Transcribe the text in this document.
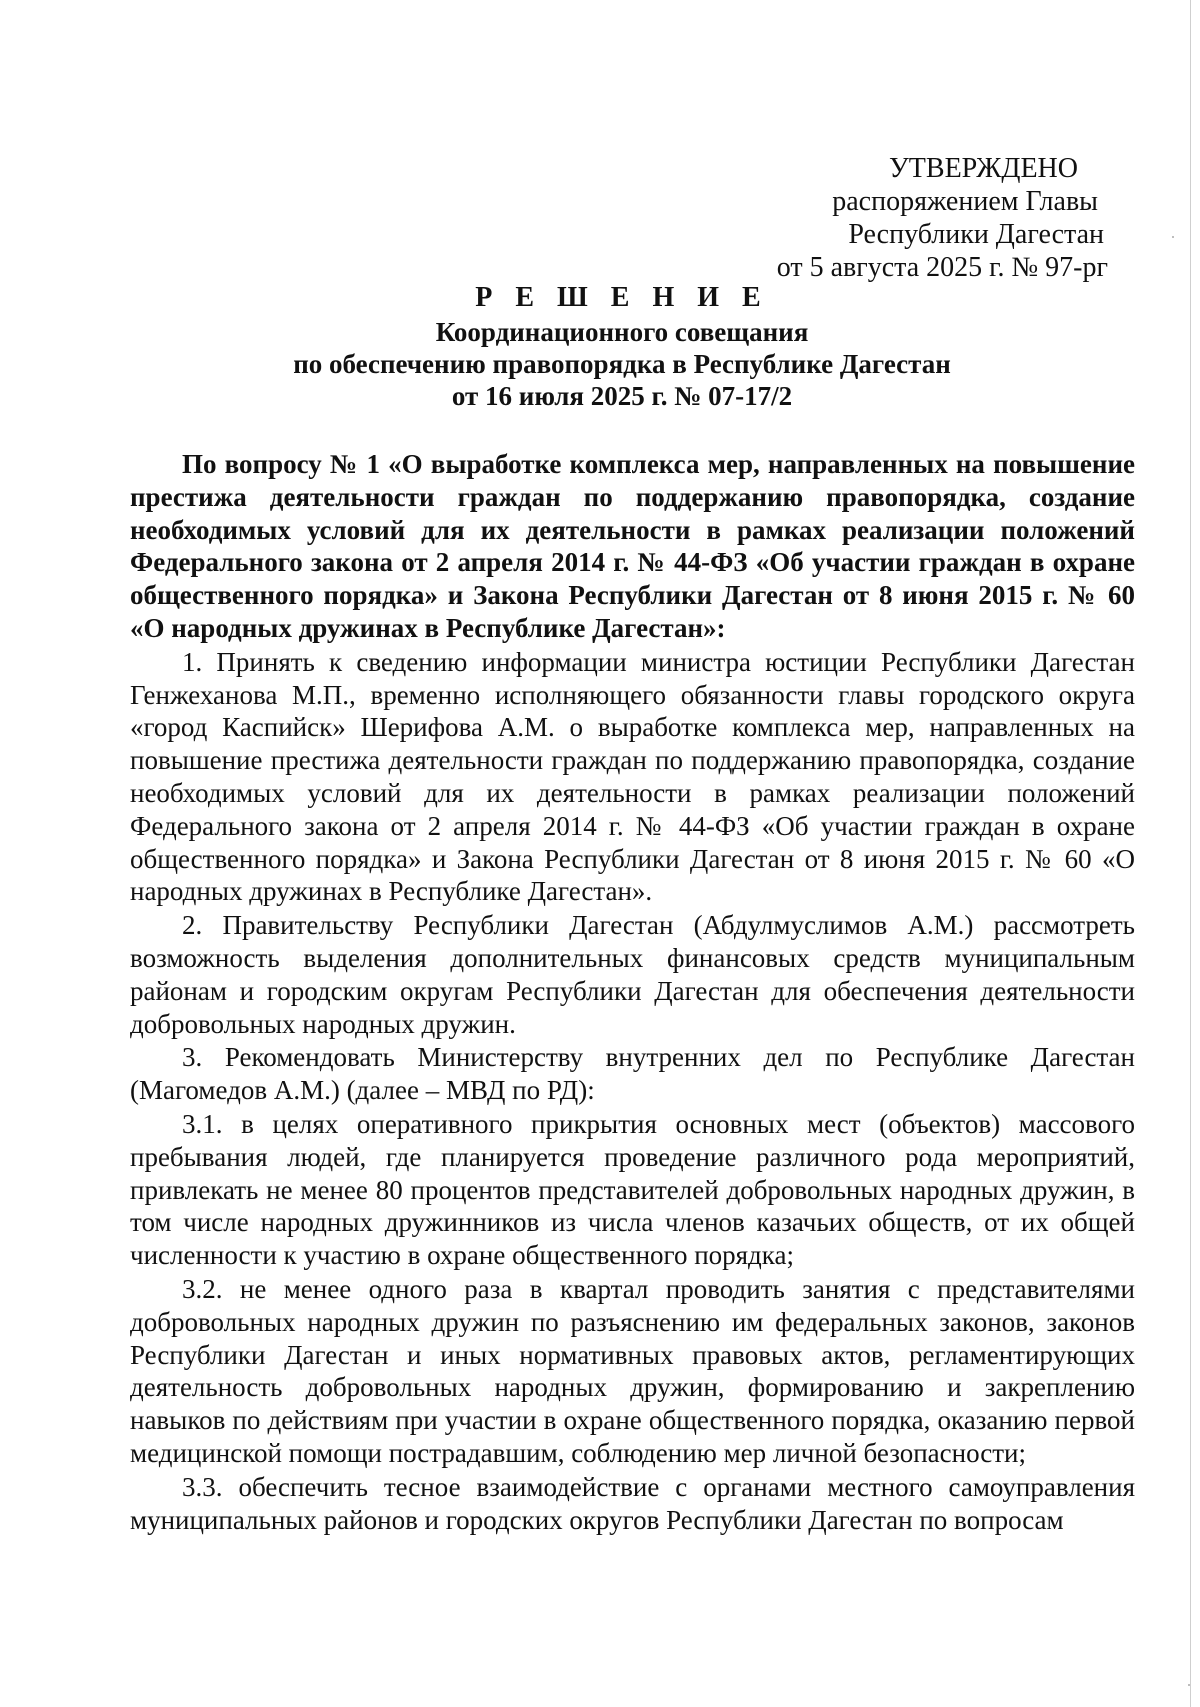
УТВЕРЖДЕНО
распоряжением Главы
Республики Дагестан
от 5 августа 2025 г. № 97-рг
Р Е Ш Е Н И Е
Координационного совещания
по обеспечению правопорядка в Республике Дагестан
от 16 июля 2025 г. № 07-17/2

По вопросу № 1 «О выработке комплекса мер, направленных на повышение престижа деятельности граждан по поддержанию правопорядка, создание необходимых условий для их деятельности в рамках реализации положений Федерального закона от 2 апреля 2014 г. № 44-ФЗ «Об участии граждан в охране общественного порядка» и Закона Республики Дагестан от 8 июня 2015 г. № 60 «О народных дружинах в Республике Дагестан»:

1. Принять к сведению информации министра юстиции Республики Дагестан Генжеханова М.П., временно исполняющего обязанности главы городского округа «город Каспийск» Шерифова А.М. о выработке комплекса мер, направленных на повышение престижа деятельности граждан по поддержанию правопорядка, создание необходимых условий для их деятельности в рамках реализации положений Федерального закона от 2 апреля 2014 г. № 44-ФЗ «Об участии граждан в охране общественного порядка» и Закона Республики Дагестан от 8 июня 2015 г. № 60 «О народных дружинах в Республике Дагестан».

2. Правительству Республики Дагестан (Абдулмуслимов А.М.) рассмотреть возможность выделения дополнительных финансовых средств муниципальным районам и городским округам Республики Дагестан для обеспечения деятельности добровольных народных дружин.

3. Рекомендовать Министерству внутренних дел по Республике Дагестан (Магомедов А.М.) (далее – МВД по РД):

3.1. в целях оперативного прикрытия основных мест (объектов) массового пребывания людей, где планируется проведение различного рода мероприятий, привлекать не менее 80 процентов представителей добровольных народных дружин, в том числе народных дружинников из числа членов казачьих обществ, от их общей численности к участию в охране общественного порядка;

3.2. не менее одного раза в квартал проводить занятия с представителями добровольных народных дружин по разъяснению им федеральных законов, законов Республики Дагестан и иных нормативных правовых актов, регламентирующих деятельность добровольных народных дружин, формированию и закреплению навыков по действиям при участии в охране общественного порядка, оказанию первой медицинской помощи пострадавшим, соблюдению мер личной безопасности;

3.3. обеспечить тесное взаимодействие с органами местного самоуправления муниципальных районов и городских округов Республики Дагестан по вопросам
